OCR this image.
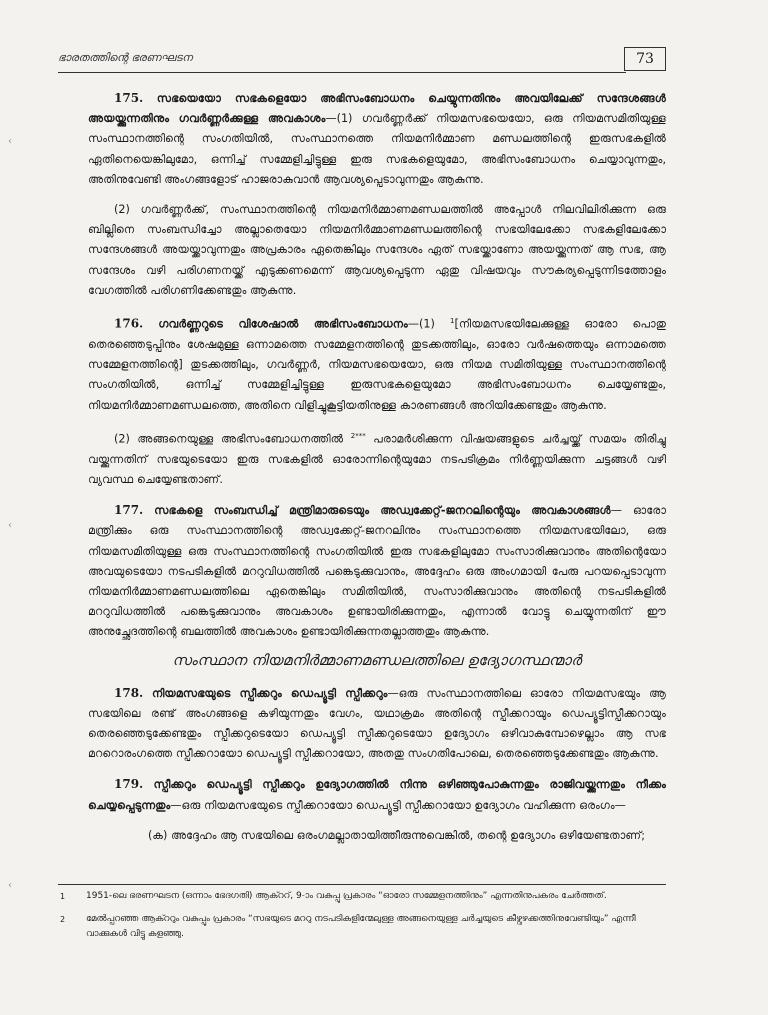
‹
‹
‹
ഭാരതത്തിന്റെ ഭരണഘടന	73

175. സഭയെയോ സഭകളെയോ അഭിസംബോധനം ചെയ്യുന്നതിനും അവയിലേക്ക് സന്ദേശങ്ങൾ അയയ്ക്കുന്നതിനും ഗവർണ്ണർക്കുള്ള അവകാശം—(1) ഗവർണ്ണർക്ക് നിയമസഭയെയോ, ഒരു നിയമസമിതിയുള്ള സംസ്ഥാനത്തിന്റെ സംഗതിയിൽ, സംസ്ഥാനത്തെ നിയമനിർമ്മാണ മണ്ഡലത്തിന്റെ ഇരുസഭകളിൽ ഏതിനെയെങ്കിലുമോ, ഒന്നിച്ച് സമ്മേളിച്ചിട്ടുള്ള ഇരു സഭകളെയുമോ, അഭിസംബോധനം ചെയ്യാവുന്നതും, അതിനുവേണ്ടി അംഗങ്ങളോട് ഹാജരാകുവാൻ ആവശ്യപ്പെടാവുന്നതും ആകുന്നു.

(2) ഗവർണ്ണർക്ക്, സംസ്ഥാനത്തിന്റെ നിയമനിർമ്മാണമണ്ഡലത്തിൽ അപ്പോൾ നിലവിലിരിക്കുന്ന ഒരു ബില്ലിനെ സംബന്ധിച്ചോ അല്ലാതെയോ നിയമനിർമ്മാണമണ്ഡലത്തിന്റെ സഭയിലേക്കോ സഭകളിലേക്കോ സന്ദേശങ്ങൾ അയയ്ക്കാവുന്നതും അപ്രകാരം ഏതെങ്കിലും സന്ദേശം ഏത് സഭയ്ക്കാണോ അയയ്ക്കുന്നത് ആ സഭ, ആ സന്ദേശം വഴി പരിഗണനയ്ക്ക് എടുക്കണമെന്ന് ആവശ്യപ്പെടുന്ന ഏതു വിഷയവും സൗകര്യപ്പെടുന്നിടത്തോളം വേഗത്തിൽ പരിഗണിക്കേണ്ടതും ആകുന്നു.

176. ഗവർണ്ണറുടെ വിശേഷാൽ അഭിസംബോധനം—(1) $^1$[നിയമസഭയിലേക്കുള്ള ഓരോ പൊതു തെരഞ്ഞെടുപ്പിനും ശേഷമുള്ള ഒന്നാമത്തെ സമ്മേളനത്തിന്റെ തുടക്കത്തിലും, ഓരോ വർഷത്തെയും ഒന്നാമത്തെ സമ്മേളനത്തിന്റെ] തുടക്കത്തിലും, ഗവർണ്ണർ, നിയമസഭയെയോ, ഒരു നിയമ സമിതിയുള്ള സംസ്ഥാനത്തിന്റെ സംഗതിയിൽ, ഒന്നിച്ച് സമ്മേളിച്ചിട്ടുള്ള ഇരുസഭകളെയുമോ അഭിസംബോധനം ചെയ്യേണ്ടതും, നിയമനിർമ്മാണമണ്ഡലത്തെ, അതിനെ വിളിച്ചുകൂട്ടിയതിനുള്ള കാരണങ്ങൾ അറിയിക്കേണ്ടതും ആകുന്നു.

(2) അങ്ങനെയുള്ള അഭിസംബോധനത്തിൽ $^{2***}$ പരാമർശിക്കുന്ന വിഷയങ്ങളുടെ ചർച്ചയ്ക്ക് സമയം തിരിച്ചു വയ്ക്കുന്നതിന് സഭയുടെയോ ഇരു സഭകളിൽ ഓരോന്നിന്റെയുമോ നടപടിക്രമം നിർണ്ണയിക്കുന്ന ചട്ടങ്ങൾ വഴി വ്യവസ്ഥ ചെയ്യേണ്ടതാണ്.

177. സഭകളെ സംബന്ധിച്ച് മന്ത്രിമാരുടെയും അഡ്വക്കേറ്റ്-ജനറലിന്റെയും അവകാശങ്ങൾ— ഓരോ മന്ത്രിക്കും ഒരു സംസ്ഥാനത്തിന്റെ അഡ്വക്കേറ്റ്-ജനറലിനും സംസ്ഥാനത്തെ നിയമസഭയിലോ, ഒരു നിയമസമിതിയുള്ള ഒരു സംസ്ഥാനത്തിന്റെ സംഗതിയിൽ ഇരു സഭകളിലുമോ സംസാരിക്കുവാനും അതിന്റെയോ അവയുടെയോ നടപടികളിൽ മററുവിധത്തിൽ പങ്കെടുക്കുവാനും, അദ്ദേഹം ഒരു അംഗമായി പേരു പറയപ്പെടാവുന്ന നിയമനിർമ്മാണമണ്ഡലത്തിലെ ഏതെങ്കിലും സമിതിയിൽ, സംസാരിക്കുവാനും അതിന്റെ നടപടികളിൽ മററുവിധത്തിൽ പങ്കെടുക്കുവാനും അവകാശം ഉണ്ടായിരിക്കുന്നതും, എന്നാൽ വോട്ടു ചെയ്യുന്നതിന് ഈ അനുച്ഛേദത്തിന്റെ ബലത്തിൽ അവകാശം ഉണ്ടായിരിക്കുന്നതല്ലാത്തതും ആകുന്നു.

സംസ്ഥാന നിയമനിർമ്മാണമണ്ഡലത്തിലെ ഉദ്യോഗസ്ഥന്മാർ

178. നിയമസഭയുടെ സ്പീക്കറും ഡെപ്യൂട്ടി സ്പീക്കറും—ഒരു സംസ്ഥാനത്തിലെ ഓരോ നിയമസഭയും ആ സഭയിലെ രണ്ട് അംഗങ്ങളെ കഴിയുന്നതും വേഗം, യഥാക്രമം അതിന്റെ സ്പീക്കറായും ഡെപ്യൂട്ടിസ്പീക്കറായും തെരഞ്ഞെടുക്കേണ്ടതും സ്പീക്കറുടെയോ ഡെപ്യൂട്ടി സ്പീക്കറുടെയോ ഉദ്യോഗം ഒഴിവാകുമ്പോഴെല്ലാം ആ സഭ മററൊരംഗത്തെ സ്പീക്കറായോ ഡെപ്യൂട്ടി സ്പീക്കറായോ, അതതു സംഗതിപോലെ, തെരഞ്ഞെടുക്കേണ്ടതും ആകുന്നു.

179. സ്പീക്കറും ഡെപ്യൂട്ടി സ്പീക്കറും ഉദ്യോഗത്തിൽ നിന്നു ഒഴിഞ്ഞുപോകുന്നതും രാജിവയ്ക്കുന്നതും നീക്കം ചെയ്യപ്പെടുന്നതും—ഒരു നിയമസഭയുടെ സ്പീക്കറായോ ഡെപ്യൂട്ടി സ്പീക്കറായോ ഉദ്യോഗം വഹിക്കുന്ന ഒരംഗം—

(ക) അദ്ദേഹം ആ സഭയിലെ ഒരംഗമല്ലാതായിത്തീരുന്നുവെങ്കിൽ, തന്റെ ഉദ്യോഗം ഒഴിയേണ്ടതാണ്;
1 1951-ലെ ഭരണഘടന (ഒന്നാം ഭേദഗതി) ആക്ററ്, 9-ാം വകുപ്പു പ്രകാരം “ഓരോ സമ്മേളനത്തിനും” എന്നതിനുപകരം ചേർത്തത്.
2 മേൽപ്പറഞ്ഞ ആക്ററും വകുപ്പും പ്രകാരം “സഭയുടെ മററു നടപടികളിന്മേലുള്ള അങ്ങനെയുള്ള ചർച്ചയുടെ കീഴ്വഴക്കത്തിനുവേണ്ടിയും” എന്നീ വാക്കുകൾ വിട്ടു കളഞ്ഞു.
